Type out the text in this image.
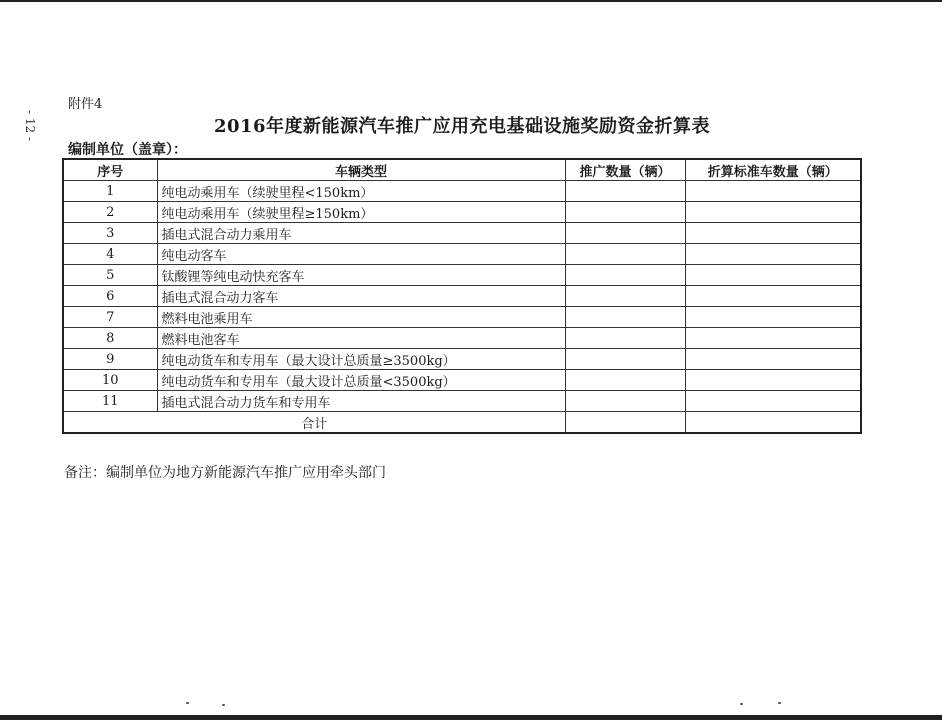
- 12 -
附件4
2016年度新能源汽车推广应用充电基础设施奖励资金折算表
编制单位（盖章）：
序号	车辆类型	推广数量（辆）	折算标准车数量（辆）
1	纯电动乘用车（续驶里程<150km）		
2	纯电动乘用车（续驶里程≥150km）		
3	插电式混合动力乘用车		
4	纯电动客车		
5	钛酸锂等纯电动快充客车		
6	插电式混合动力客车		
7	燃料电池乘用车		
8	燃料电池客车		
9	纯电动货车和专用车（最大设计总质量≥3500kg）		
10	纯电动货车和专用车（最大设计总质量<3500kg）		
11	插电式混合动力货车和专用车		
合计			
备注：编制单位为地方新能源汽车推广应用牵头部门
